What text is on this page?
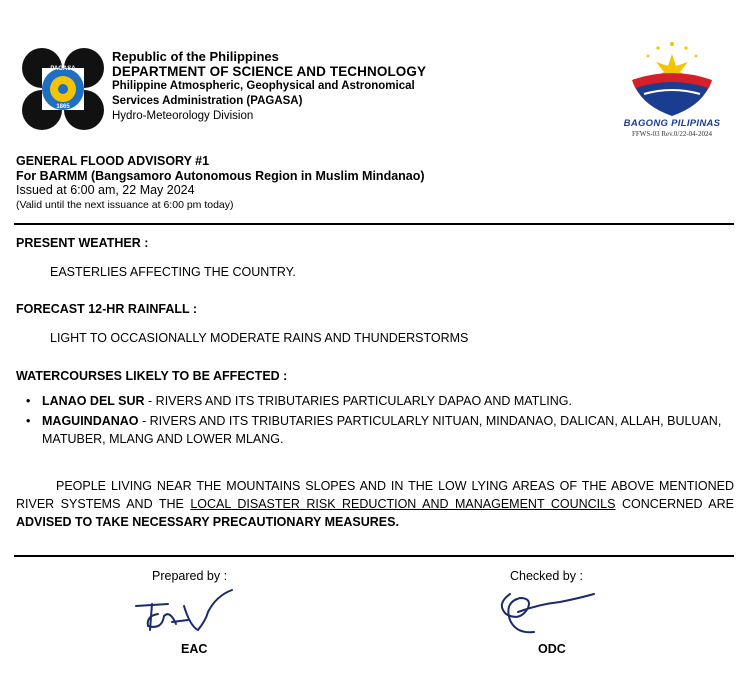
PAGASA
1865
Republic of the Philippines
DEPARTMENT OF SCIENCE AND TECHNOLOGY
Philippine Atmospheric, Geophysical and Astronomical
Services Administration (PAGASA)
Hydro-Meteorology Division
BAGONG PILIPINAS
FFWS-03 Rev.0/22-04-2024
GENERAL FLOOD ADVISORY #1
For BARMM (Bangsamoro Autonomous Region in Muslim Mindanao)
Issued at 6:00 am, 22 May 2024
(Valid until the next issuance at 6:00 pm today)
PRESENT WEATHER :
EASTERLIES AFFECTING THE COUNTRY.
FORECAST 12-HR RAINFALL :
LIGHT TO OCCASIONALLY MODERATE RAINS AND THUNDERSTORMS
WATERCOURSES LIKELY TO BE AFFECTED :
• LANAO DEL SUR - RIVERS AND ITS TRIBUTARIES PARTICULARLY DAPAO AND MATLING.
• MAGUINDANAO - RIVERS AND ITS TRIBUTARIES PARTICULARLY NITUAN, MINDANAO, DALICAN, ALLAH, BULUAN, MATUBER, MLANG AND LOWER MLANG.
PEOPLE LIVING NEAR THE MOUNTAINS SLOPES AND IN THE LOW LYING AREAS OF THE ABOVE MENTIONED RIVER SYSTEMS AND THE LOCAL DISASTER RISK REDUCTION AND MANAGEMENT COUNCILS CONCERNED ARE ADVISED TO TAKE NECESSARY PRECAUTIONARY MEASURES.
Prepared by :
EAC
Checked by :
ODC
